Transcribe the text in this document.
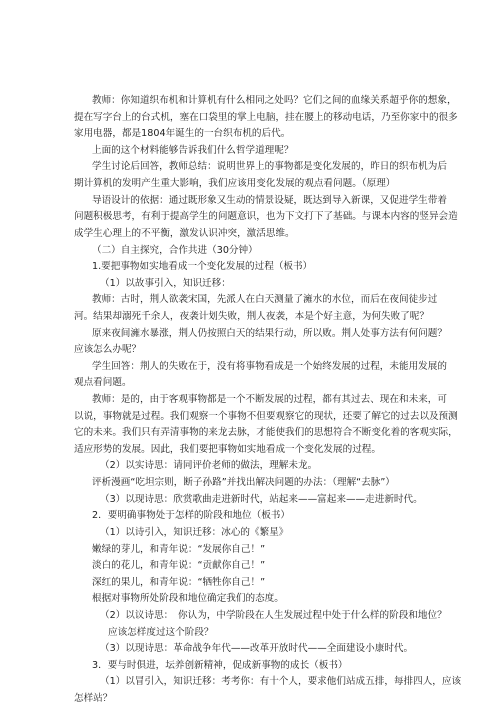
教师：你知道织布机和计算机有什么相同之处吗？它们之间的血缘关系超乎你的想象，

提在写字台上的台式机，塞在口袋里的掌上电脑，挂在腰上的移动电话，乃至你家中的很多

家用电器，都是1804年诞生的一台织布机的后代。

上面的这个材料能够告诉我们什么哲学道理呢？

学生讨论后回答，教师总结：说明世界上的事物都是变化发展的，昨日的织布机为后

期计算机的发明产生重大影响，我们应该用变化发展的观点看问题。（原理）

导语设计的依据：通过既形象又生动的情景设疑，既达到导入新课，又促进学生带着

问题积极思考，有利于提高学生的问题意识，也为下文打下了基础。与课本内容的竖异会造

成学生心理上的不平衡，激发认识冲突，激活思维。

（二）自主探究，合作共进（30分钟）

1.要把事物如实地看成一个变化发展的过程（板书）

（1）以故事引入，知识迁移：

教师：古时，荆人欲袭宋国，先派人在白天测量了澭水的水位，而后在夜间徒步过

河。结果却溺死千余人，夜袭计划失败，荆人夜袭，本是个好主意，为何失败了呢？

原来夜间澭水暴涨，荆人仍按照白天的结果行动，所以败。荆人处事方法有何问题？

应该怎么办呢？

学生回答：荆人的失败在于，没有将事物看成是一个始终发展的过程，未能用发展的

观点看问题。

教师：是的，由于客观事物都是一个不断发展的过程，都有其过去、现在和未来，可

以说，事物就是过程。我们观察一个事物不但要观察它的现状，还要了解它的过去以及预测

它的未来。我们只有弄清事物的来龙去脉，才能使我们的思想符合不断变化着的客观实际，

适应形势的发展。因此，我们要把事物如实地看成一个变化发展的过程。

（2）以实诗思：请同评价老师的做法，理解未龙。

评析漫画“吃坦宗则，断子孙路”并找出解决问题的办法：（理解“去脉”）

（3）以现诗思：欣赏歌曲走进新时代，站起来——富起来——走进新时代。

2．要明确事物处于怎样的阶段和地位（板书）

（1）以诗引入，知识迁移：冰心的《繁星》

嫩绿的芽儿，和青年说：“发展你自己！”

淡白的花儿，和青年说：“贡献你自己！”

深红的果儿，和青年说：“牺牲你自己！”

根据对事物所处阶段和地位确定我们的态度。

（2）以议诗思：　你认为，中学阶段在人生发展过程中处于什么样的阶段和地位？

应该怎样度过这个阶段？

（3）以现诗思：革命战争年代——改革开放时代——全面建设小康时代。

3．要与时俱进，坛养创新精神，促成新事物的成长（板书）

（1）以冒引入，知识迁移：考考你：有十个人，要求他们站成五排，每排四人，应该

怎样站？
